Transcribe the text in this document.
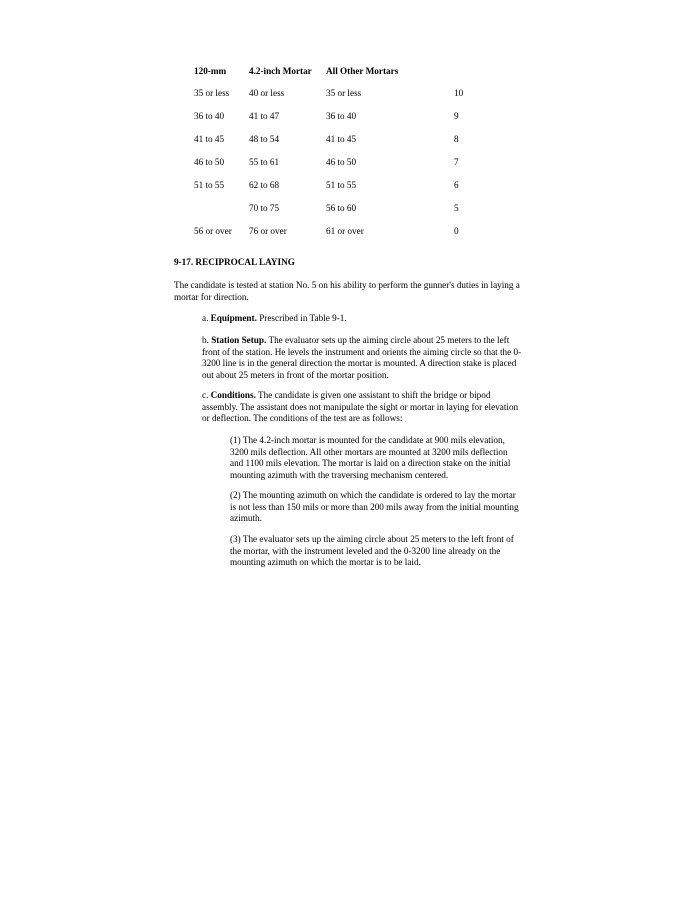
120-mm	4.2-inch Mortar	All Other Mortars	
35 or less	40 or less	35 or less	10
36 to 40	41 to 47	36 to 40	9
41 to 45	48 to 54	41 to 45	8
46 to 50	55 to 61	46 to 50	7
51 to 55	62 to 68	51 to 55	6
	70 to 75	56 to 60	5
56 or over	76 or over	61 or over	0
9-17. RECIPROCAL LAYING

The candidate is tested at station No. 5 on his ability to perform the gunner's duties in laying a mortar for direction.

a. Equipment. Prescribed in Table 9-1.

b. Station Setup. The evaluator sets up the aiming circle about 25 meters to the left front of the station. He levels the instrument and orients the aiming circle so that the 0-3200 line is in the general direction the mortar is mounted. A direction stake is placed out about 25 meters in front of the mortar position.

c. Conditions. The candidate is given one assistant to shift the bridge or bipod assembly. The assistant does not manipulate the sight or mortar in laying for elevation or deflection. The conditions of the test are as follows:

(1) The 4.2-inch mortar is mounted for the candidate at 900 mils elevation, 3200 mils deflection. All other mortars are mounted at 3200 mils deflection and 1100 mils elevation. The mortar is laid on a direction stake on the initial mounting azimuth with the traversing mechanism centered.

(2) The mounting azimuth on which the candidate is ordered to lay the mortar is not less than 150 mils or more than 200 mils away from the initial mounting azimuth.

(3) The evaluator sets up the aiming circle about 25 meters to the left front of the mortar, with the instrument leveled and the 0-3200 line already on the mounting azimuth on which the mortar is to be laid.
